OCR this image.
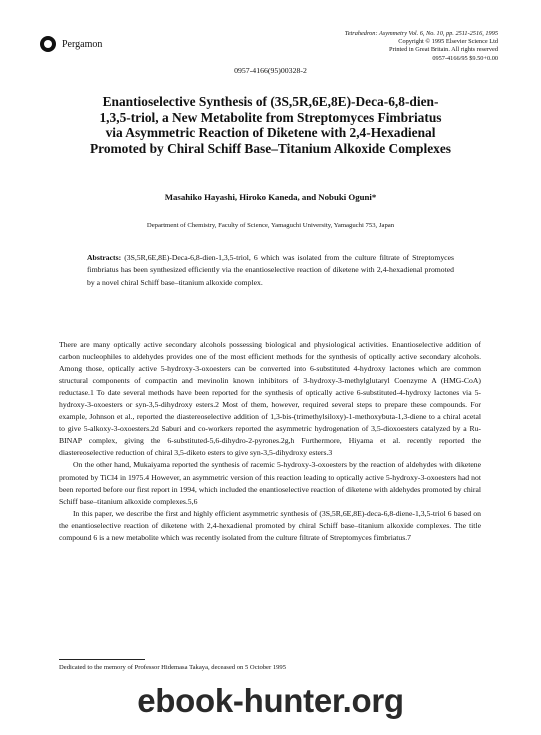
Pergamon
Tetrahedron: Asymmetry Vol. 6, No. 10, pp. 2511-2516, 1995
Copyright © 1995 Elsevier Science Ltd
Printed in Great Britain. All rights reserved
0957-4166/95 $9.50+0.00
0957-4166(95)00328-2
Enantioselective Synthesis of (3S,5R,6E,8E)-Deca-6,8-dien-
1,3,5-triol, a New Metabolite from Streptomyces Fimbriatus
via Asymmetric Reaction of Diketene with 2,4-Hexadienal
Promoted by Chiral Schiff Base–Titanium Alkoxide Complexes
Masahiko Hayashi, Hiroko Kaneda, and Nobuki Oguni*
Department of Chemistry, Faculty of Science, Yamaguchi University, Yamaguchi 753, Japan
Abstracts: (3S,5R,6E,8E)-Deca-6,8-dien-1,3,5-triol, 6 which was isolated from the culture filtrate of Streptomyces fimbriatus has been synthesized efficiently via the enantioselective reaction of diketene with 2,4-hexadienal promoted by a novel chiral Schiff base–titanium alkoxide complex.

There are many optically active secondary alcohols possessing biological and physiological activities. Enantioselective addition of carbon nucleophiles to aldehydes provides one of the most efficient methods for the synthesis of optically active secondary alcohols. Among those, optically active 5-hydroxy-3-oxoesters can be converted into 6-substituted 4-hydroxy lactones which are common structural components of compactin and mevinolin known inhibitors of 3-hydroxy-3-methylglutaryl Coenzyme A (HMG-CoA) reductase.1 To date several methods have been reported for the synthesis of optically active 6-substituted-4-hydroxy lactones via 5-hydroxy-3-oxoesters or syn-3,5-dihydroxy esters.2 Most of them, however, required several steps to prepare these compounds. For example, Johnson et al., reported the diastereoselective addition of 1,3-bis-(trimethylsiloxy)-1-methoxybuta-1,3-diene to a chiral acetal to give 5-alkoxy-3-oxoesters.2d Saburi and co-workers reported the asymmetric hydrogenation of 3,5-dioxoesters catalyzed by a Ru-BINAP complex, giving the 6-substituted-5,6-dihydro-2-pyrones.2g,h Furthermore, Hiyama et al. recently reported the diastereoselective reduction of chiral 3,5-diketo esters to give syn-3,5-dihydroxy esters.3

On the other hand, Mukaiyama reported the synthesis of racemic 5-hydroxy-3-oxoesters by the reaction of aldehydes with diketene promoted by TiCl4 in 1975.4 However, an asymmetric version of this reaction leading to optically active 5-hydroxy-3-oxoesters had not been reported before our first report in 1994, which included the enantioselective reaction of diketene with aldehydes promoted by chiral Schiff base–titanium alkoxide complexes.5,6

In this paper, we describe the first and highly efficient asymmetric synthesis of (3S,5R,6E,8E)-deca-6,8-diene-1,3,5-triol 6 based on the enantioselective reaction of diketene with 2,4-hexadienal promoted by chiral Schiff base–titanium alkoxide complexes. The title compound 6 is a new metabolite which was recently isolated from the culture filtrate of Streptomyces fimbriatus.7

Dedicated to the memory of Professor Hidemasa Takaya, deceased on 5 October 1995
ebook-hunter.org
